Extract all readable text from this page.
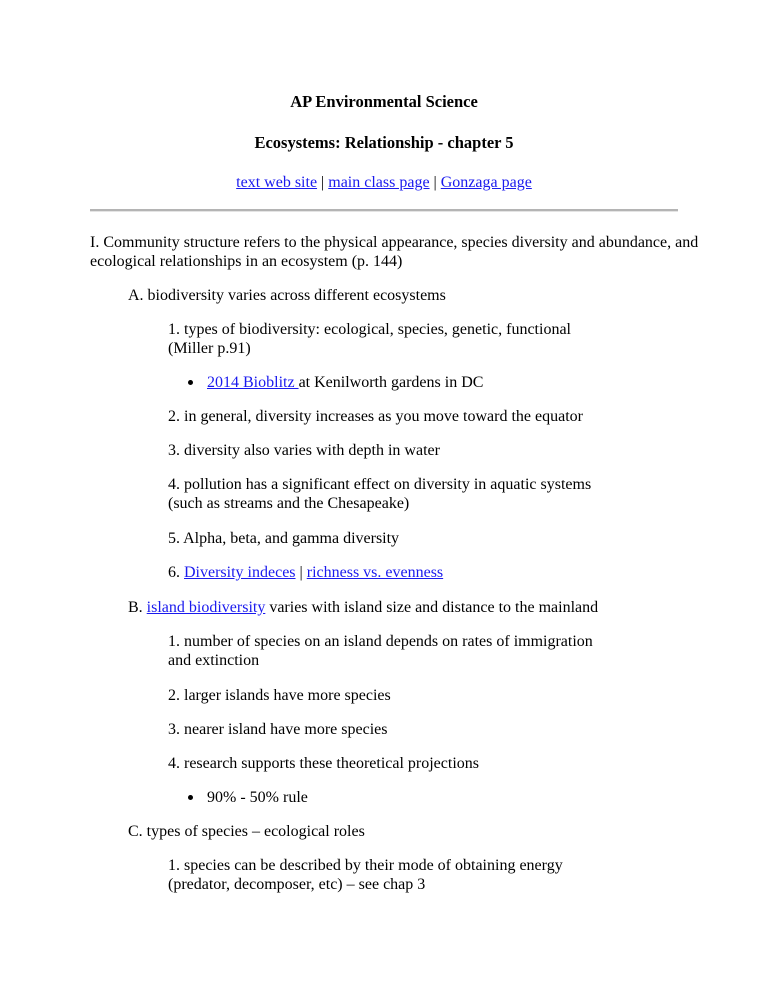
AP Environmental Science
Ecosystems: Relationship - chapter 5
text web site | main class page | Gonzaga page
I. Community structure refers to the physical appearance, species diversity and abundance, and
ecological relationships in an ecosystem (p. 144)
A. biodiversity varies across different ecosystems
1. types of biodiversity: ecological, species, genetic, functional
(Miller p.91)
2014 Bioblitz at Kenilworth gardens in DC
2. in general, diversity increases as you move toward the equator
3. diversity also varies with depth in water
4. pollution has a significant effect on diversity in aquatic systems
(such as streams and the Chesapeake)
5. Alpha, beta, and gamma diversity
6. Diversity indeces | richness vs. evenness
B. island biodiversity varies with island size and distance to the mainland
1. number of species on an island depends on rates of immigration
and extinction
2. larger islands have more species
3. nearer island have more species
4. research supports these theoretical projections
90% - 50% rule
C. types of species – ecological roles
1. species can be described by their mode of obtaining energy
(predator, decomposer, etc) – see chap 3
